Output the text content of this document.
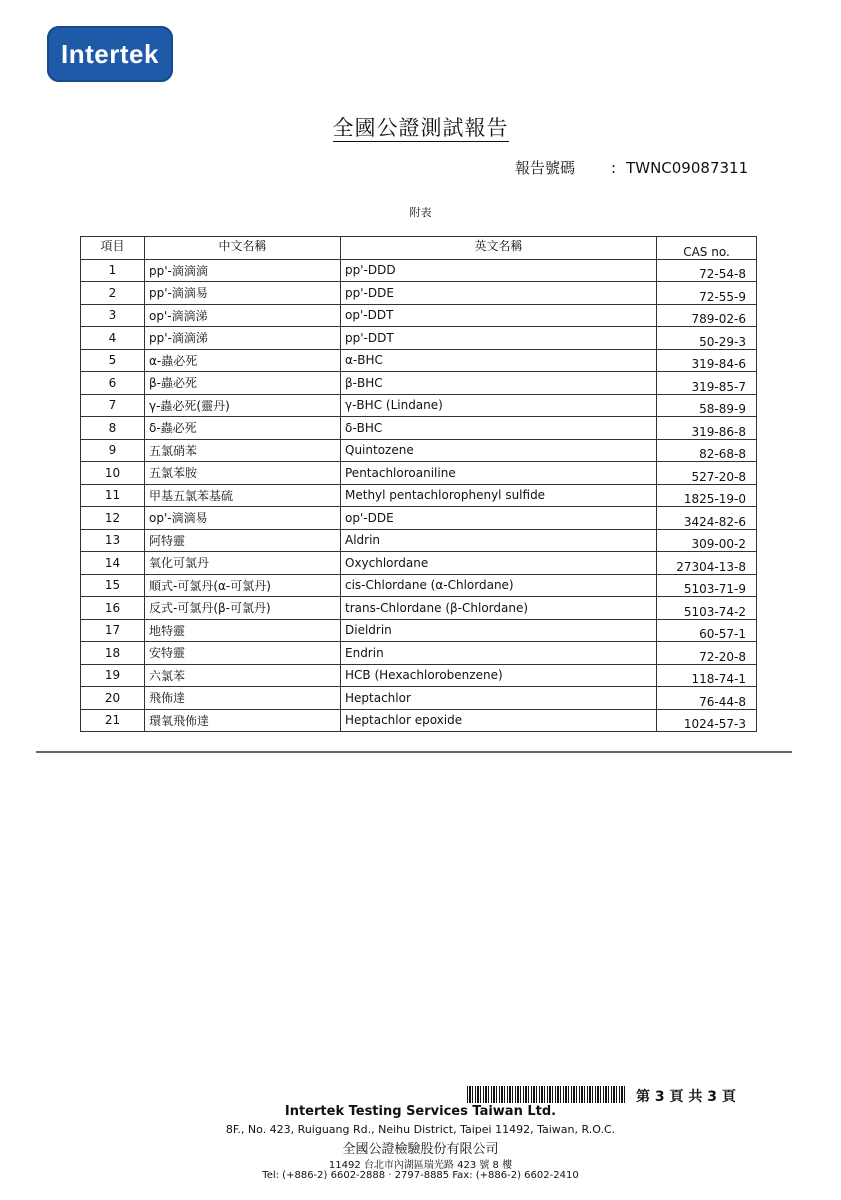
Intertek
全國公證測試報告
報告號碼 : TWNC09087311
附表
項目	中文名稱	英文名稱	CAS no.
1	pp'-滴滴滴	pp'-DDD	72-54-8
2	pp'-滴滴易	pp'-DDE	72-55-9
3	op'-滴滴涕	op'-DDT	789-02-6
4	pp'-滴滴涕	pp'-DDT	50-29-3
5	α-蟲必死	α-BHC	319-84-6
6	β-蟲必死	β-BHC	319-85-7
7	γ-蟲必死(靈丹)	γ-BHC (Lindane)	58-89-9
8	δ-蟲必死	δ-BHC	319-86-8
9	五氯硝苯	Quintozene	82-68-8
10	五氯苯胺	Pentachloroaniline	527-20-8
11	甲基五氯苯基硫	Methyl pentachlorophenyl sulfide	1825-19-0
12	op'-滴滴易	op'-DDE	3424-82-6
13	阿特靈	Aldrin	309-00-2
14	氧化可氯丹	Oxychlordane	27304-13-8
15	順式-可氯丹(α-可氯丹)	cis-Chlordane (α-Chlordane)	5103-71-9
16	反式-可氯丹(β-可氯丹)	trans-Chlordane (β-Chlordane)	5103-74-2
17	地特靈	Dieldrin	60-57-1
18	安特靈	Endrin	72-20-8
19	六氯苯	HCB (Hexachlorobenzene)	118-74-1
20	飛佈達	Heptachlor	76-44-8
21	環氧飛佈達	Heptachlor epoxide	1024-57-3
第 3 頁 共 3 頁
Intertek Testing Services Taiwan Ltd.
8F., No. 423, Ruiguang Rd., Neihu District, Taipei 11492, Taiwan, R.O.C.
全國公證檢驗股份有限公司
11492 台北市內湖區瑞光路 423 號 8 樓
Tel: (+886-2) 6602-2888 · 2797-8885 Fax: (+886-2) 6602-2410
